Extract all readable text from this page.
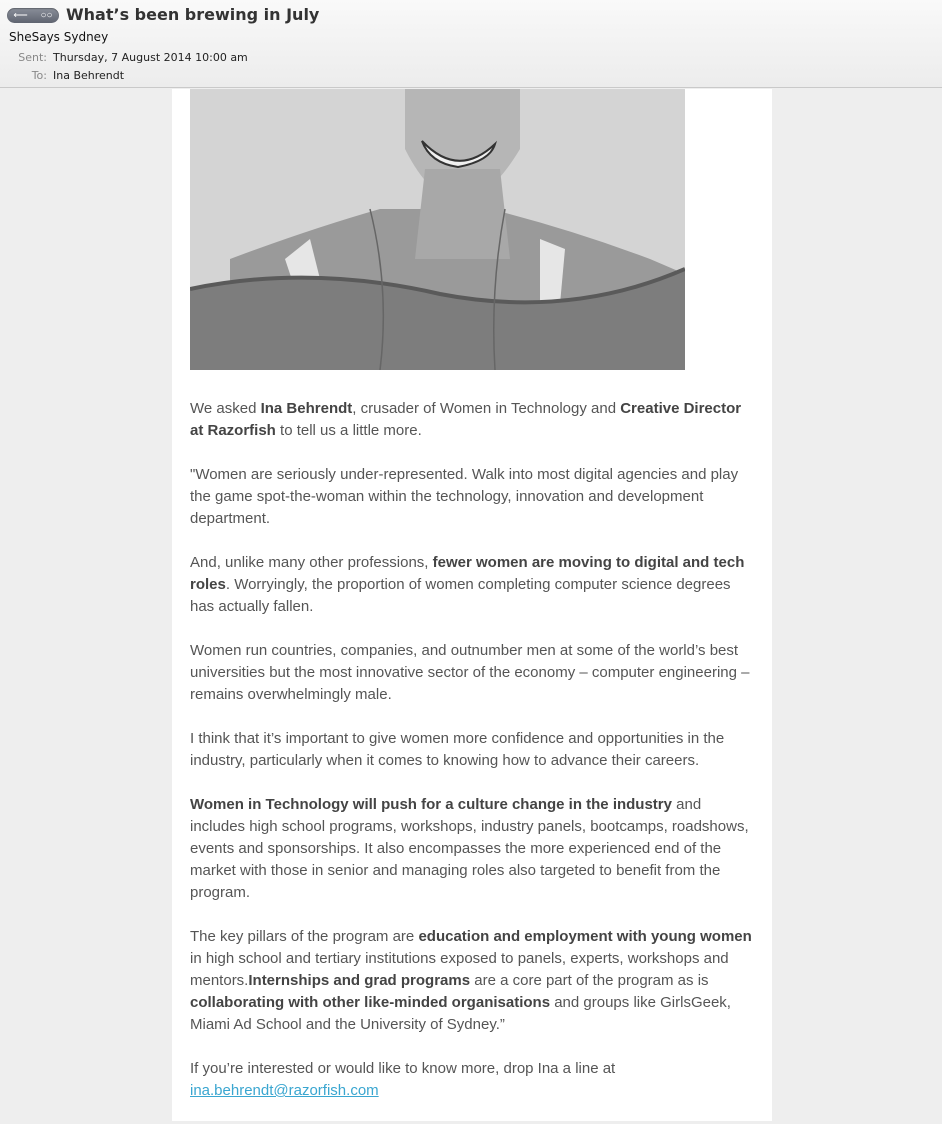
⟵ ○○ What’s been brewing in July
SheSays Sydney
Sent: Thursday, 7 August 2014 10:00 am
To: Ina Behrendt

We asked Ina Behrendt, crusader of Women in Technology and Creative Director at Razorfish to tell us a little more.

"Women are seriously under-represented. Walk into most digital agencies and play the game spot-the-woman within the technology, innovation and development department.

And, unlike many other professions, fewer women are moving to digital and tech roles. Worryingly, the proportion of women completing computer science degrees has actually fallen.

Women run countries, companies, and outnumber men at some of the world’s best universities but the most innovative sector of the economy – computer engineering – remains overwhelmingly male.

I think that it’s important to give women more confidence and opportunities in the industry, particularly when it comes to knowing how to advance their careers.

Women in Technology will push for a culture change in the industry and includes high school programs, workshops, industry panels, bootcamps, roadshows, events and sponsorships. It also encompasses the more experienced end of the market with those in senior and managing roles also targeted to benefit from the program.

The key pillars of the program are education and employment with young women in high school and tertiary institutions exposed to panels, experts, workshops and mentors.Internships and grad programs are a core part of the program as is collaborating with other like-minded organisations and groups like GirlsGeek, Miami Ad School and the University of Sydney.”

If you’re interested or would like to know more, drop Ina a line at ina.behrendt@razorfish.com
